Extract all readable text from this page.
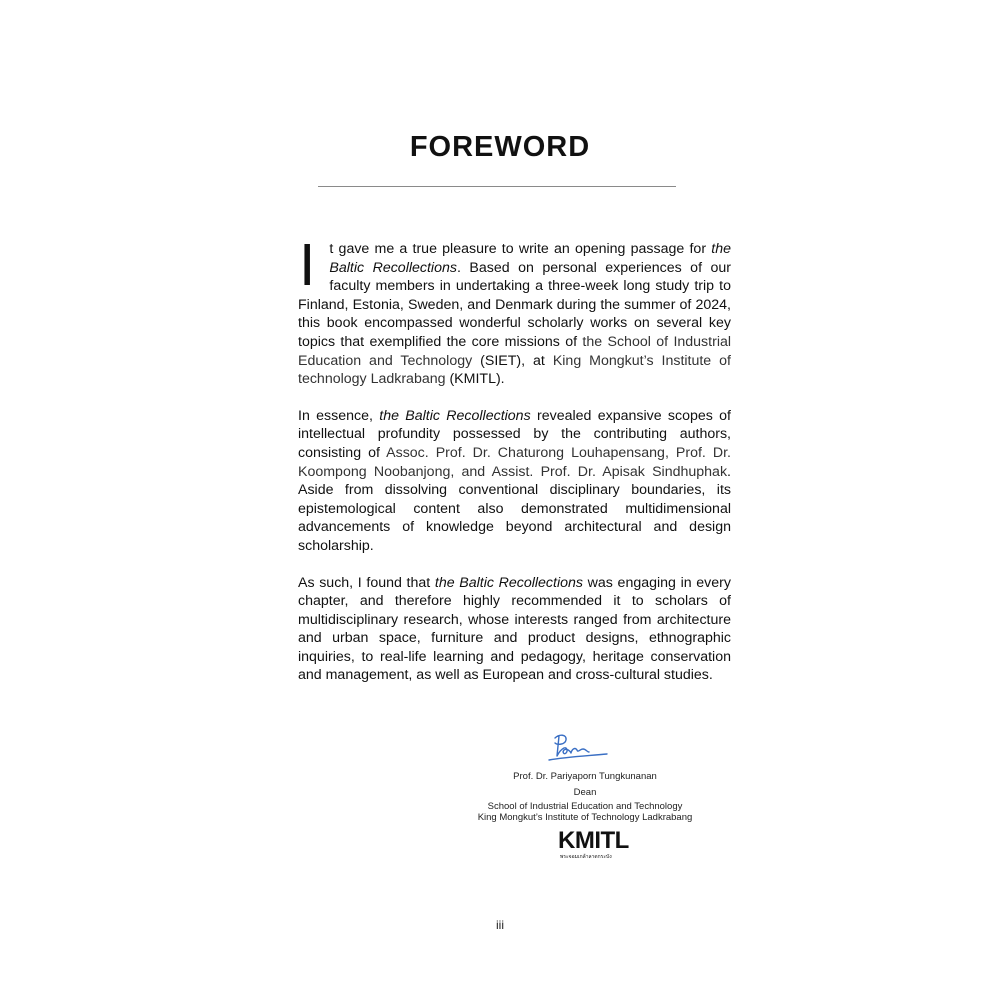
FOREWORD

It gave me a true pleasure to write an opening passage for the Baltic Recollections. Based on personal experiences of our faculty members in undertaking a three-week long study trip to Finland, Estonia, Sweden, and Denmark during the summer of 2024, this book encompassed wonderful scholarly works on several key topics that exemplified the core missions of the School of Industrial Education and Technology (SIET), at King Mongkut’s Institute of technology Ladkrabang (KMITL).

In essence, the Baltic Recollections revealed expansive scopes of intellectual profundity possessed by the contributing authors, consisting of Assoc. Prof. Dr. Chaturong Louhapensang, Prof. Dr. Koompong Noobanjong, and Assist. Prof. Dr. Apisak Sindhuphak. Aside from dissolving conventional disciplinary boundaries, its epistemological content also demonstrated multidimensional advancements of knowledge beyond architectural and design scholarship.

As such, I found that the Baltic Recollections was engaging in every chapter, and therefore highly recommended it to scholars of multidisciplinary research, whose interests ranged from architecture and urban space, furniture and product designs, ethnographic inquiries, to real-life learning and pedagogy, heritage conservation and management, as well as European and cross-cultural studies.

Prof. Dr. Pariyaporn Tungkunanan
Dean
School of Industrial Education and Technology
King Mongkut’s Institute of Technology Ladkrabang
KMITL
พระจอมเกล้าลาดกระบัง
iii
